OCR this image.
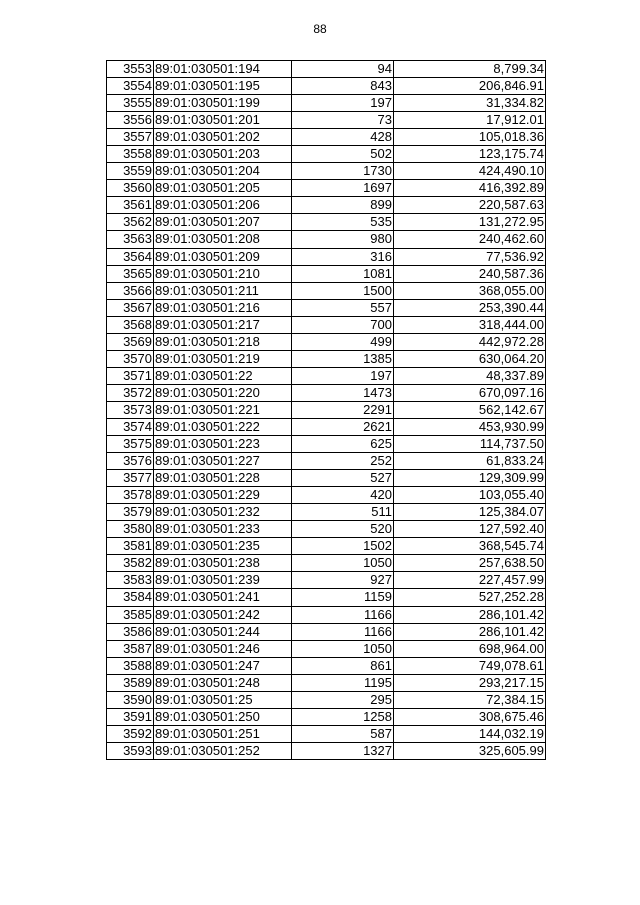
88
3553	89:01:030501:194	94	8,799.34
3554	89:01:030501:195	843	206,846.91
3555	89:01:030501:199	197	31,334.82
3556	89:01:030501:201	73	17,912.01
3557	89:01:030501:202	428	105,018.36
3558	89:01:030501:203	502	123,175.74
3559	89:01:030501:204	1730	424,490.10
3560	89:01:030501:205	1697	416,392.89
3561	89:01:030501:206	899	220,587.63
3562	89:01:030501:207	535	131,272.95
3563	89:01:030501:208	980	240,462.60
3564	89:01:030501:209	316	77,536.92
3565	89:01:030501:210	1081	240,587.36
3566	89:01:030501:211	1500	368,055.00
3567	89:01:030501:216	557	253,390.44
3568	89:01:030501:217	700	318,444.00
3569	89:01:030501:218	499	442,972.28
3570	89:01:030501:219	1385	630,064.20
3571	89:01:030501:22	197	48,337.89
3572	89:01:030501:220	1473	670,097.16
3573	89:01:030501:221	2291	562,142.67
3574	89:01:030501:222	2621	453,930.99
3575	89:01:030501:223	625	114,737.50
3576	89:01:030501:227	252	61,833.24
3577	89:01:030501:228	527	129,309.99
3578	89:01:030501:229	420	103,055.40
3579	89:01:030501:232	511	125,384.07
3580	89:01:030501:233	520	127,592.40
3581	89:01:030501:235	1502	368,545.74
3582	89:01:030501:238	1050	257,638.50
3583	89:01:030501:239	927	227,457.99
3584	89:01:030501:241	1159	527,252.28
3585	89:01:030501:242	1166	286,101.42
3586	89:01:030501:244	1166	286,101.42
3587	89:01:030501:246	1050	698,964.00
3588	89:01:030501:247	861	749,078.61
3589	89:01:030501:248	1195	293,217.15
3590	89:01:030501:25	295	72,384.15
3591	89:01:030501:250	1258	308,675.46
3592	89:01:030501:251	587	144,032.19
3593	89:01:030501:252	1327	325,605.99
